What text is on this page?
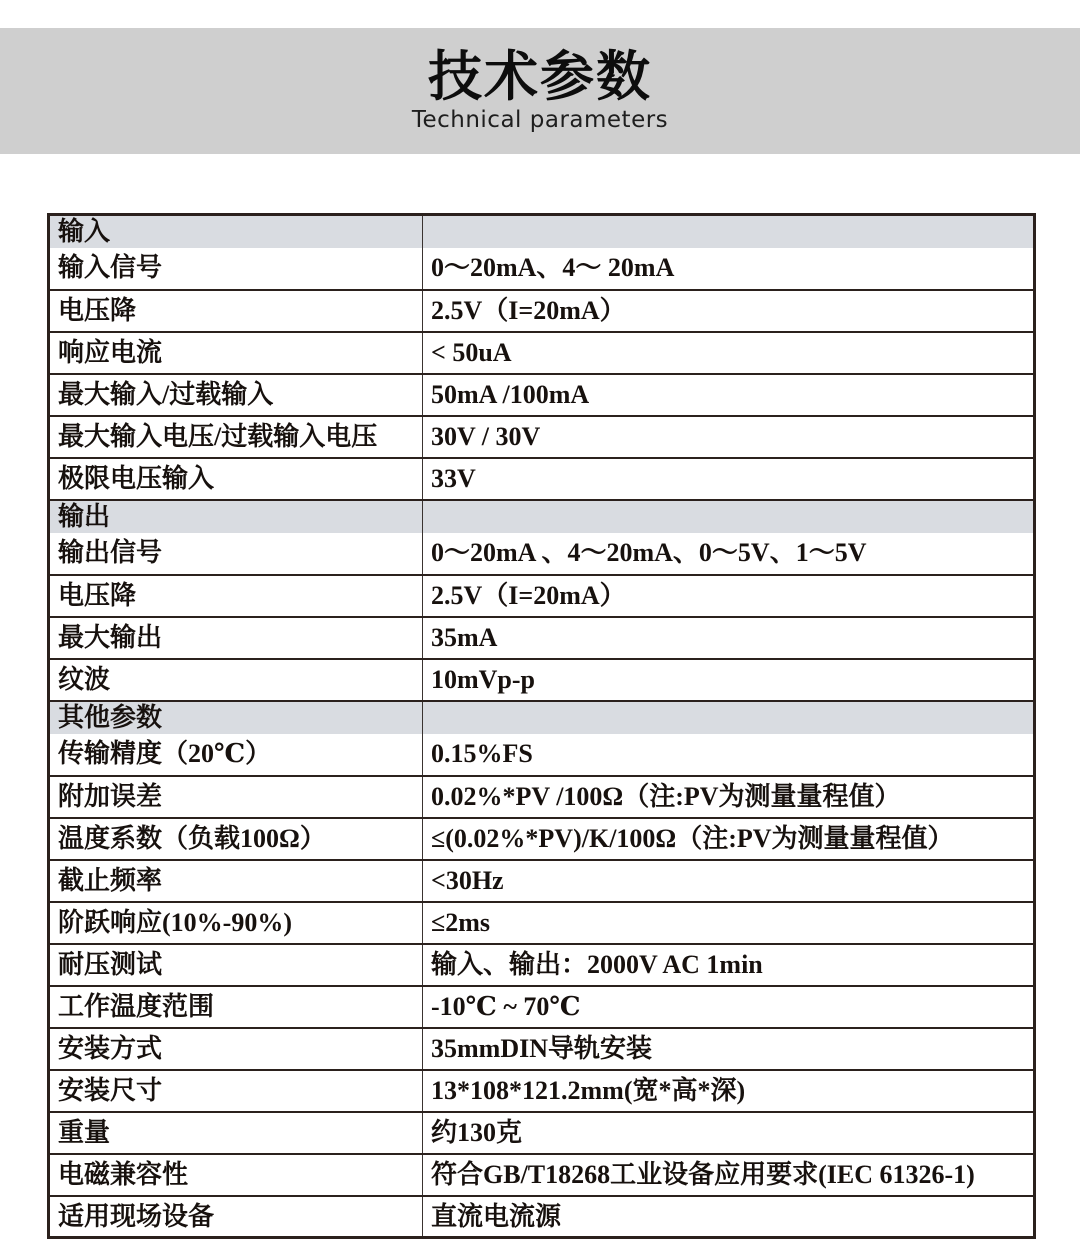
技术参数
Technical parameters
输入	
输入信号	0～20mA、4～ 20mA
电压降	2.5V（I=20mA）
响应电流	< 50uA
最大输入/过载输入	50mA /100mA
最大输入电压/过载输入电压	30V / 30V
极限电压输入	33V
输出	
输出信号	0～20mA 、4～20mA、0～5V、1～5V
电压降	2.5V（I=20mA）
最大输出	35mA
纹波	10mVp-p
其他参数	
传输精度（20℃）	0.15%FS
附加误差	0.02%*PV /100Ω（注:PV为测量量程值）
温度系数（负载100Ω）	≤(0.02%*PV)/K/100Ω（注:PV为测量量程值）
截止频率	<30Hz
阶跃响应(10%-90%)	≤2ms
耐压测试	输入、输出：2000V AC 1min
工作温度范围	-10℃ ~ 70℃
安装方式	35mmDIN导轨安装
安装尺寸	13*108*121.2mm(宽*高*深)
重量	约130克
电磁兼容性	符合GB/T18268工业设备应用要求(IEC 61326-1)
适用现场设备	直流电流源
